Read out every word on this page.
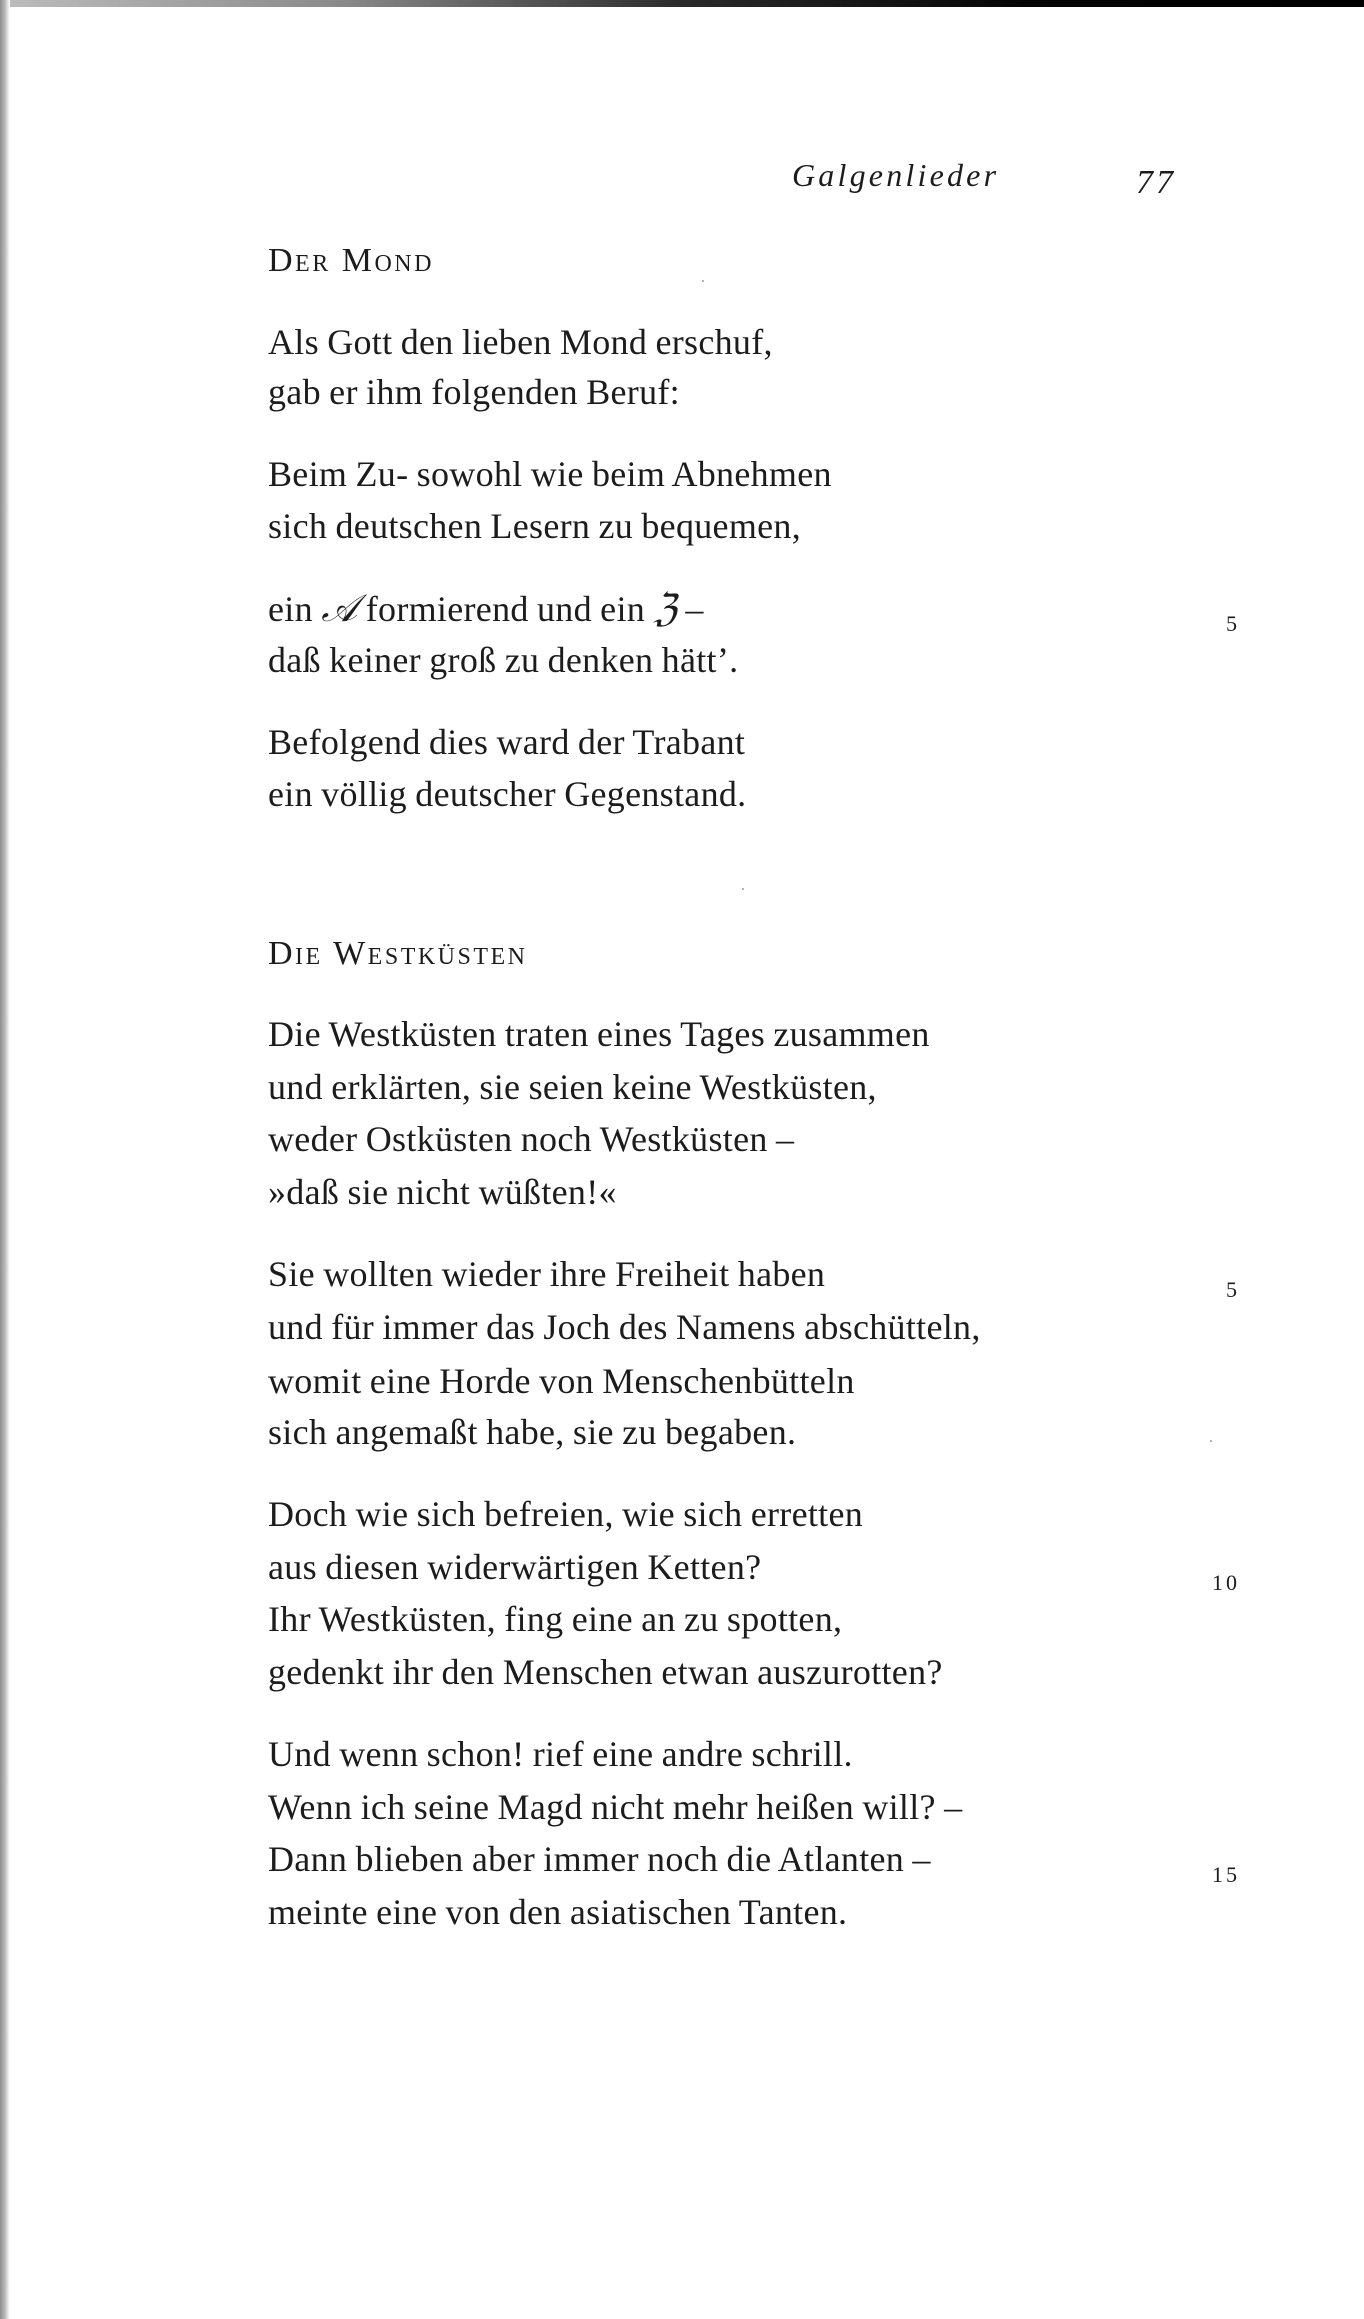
Galgenlieder	77
Der Mond
Als Gott den lieben Mond erschuf,
gab er ihm folgenden Beruf:
Beim Zu- sowohl wie beim Abnehmen
sich deutschen Lesern zu bequemen,
ein 𝒜 formierend und ein ℨ –
daß keiner groß zu denken hätt’.
Befolgend dies ward der Trabant
ein völlig deutscher Gegenstand.
5
Die Westküsten
Die Westküsten traten eines Tages zusammen
und erklärten, sie seien keine Westküsten,
weder Ostküsten noch Westküsten –
»daß sie nicht wüßten!«
Sie wollten wieder ihre Freiheit haben
und für immer das Joch des Namens abschütteln,
womit eine Horde von Menschenbütteln
sich angemaßt habe, sie zu begaben.
Doch wie sich befreien, wie sich erretten
aus diesen widerwärtigen Ketten?
Ihr Westküsten, fing eine an zu spotten,
gedenkt ihr den Menschen etwan auszurotten?
Und wenn schon! rief eine andre schrill.
Wenn ich seine Magd nicht mehr heißen will? –
Dann blieben aber immer noch die Atlanten –
meinte eine von den asiatischen Tanten.
5
10
15
